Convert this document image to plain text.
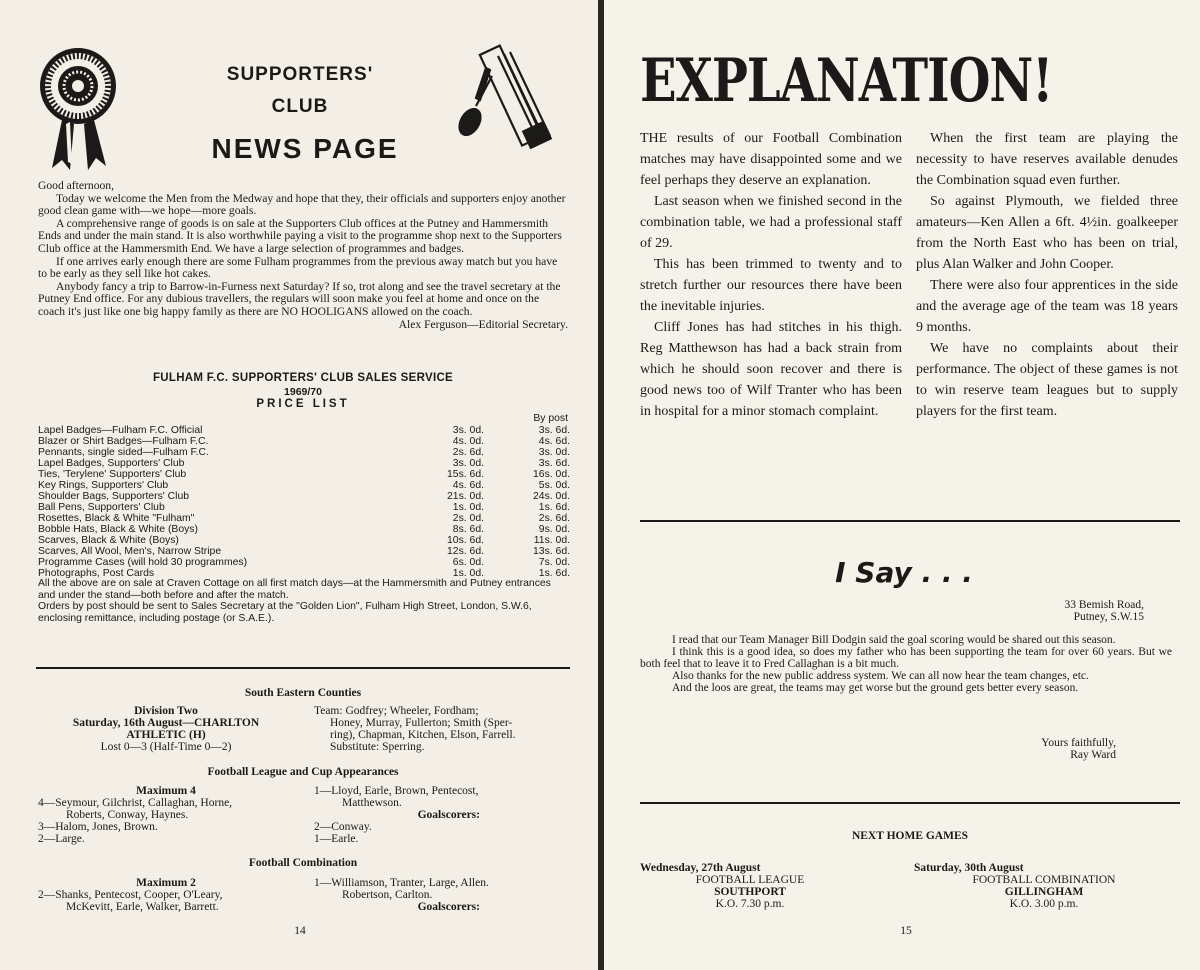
SUPPORTERS'
CLUB
NEWS PAGE
Good afternoon,

Today we welcome the Men from the Medway and hope that they, their officials and supporters enjoy another good clean game with—we hope—more goals.

A comprehensive range of goods is on sale at the Supporters Club offices at the Putney and Hammersmith Ends and under the main stand. It is also worthwhile paying a visit to the programme shop next to the Supporters Club office at the Hammersmith End. We have a large selection of programmes and badges.

If one arrives early enough there are some Fulham programmes from the previous away match but you have to be early as they sell like hot cakes.

Anybody fancy a trip to Barrow-in-Furness next Saturday? If so, trot along and see the travel secretary at the Putney End office. For any dubious travellers, the regulars will soon make you feel at home and once on the coach it's just like one big happy family as there are NO HOOLIGANS allowed on the coach.

Alex Ferguson—Editorial Secretary.
FULHAM F.C. SUPPORTERS' CLUB SALES SERVICE
1969/70
PRICE LIST
By post
Lapel Badges—Fulham F.C. Official	3s. 0d.	3s. 6d.
Blazer or Shirt Badges—Fulham F.C.	4s. 0d.	4s. 6d.
Pennants, single sided—Fulham F.C.	2s. 6d.	3s. 0d.
Lapel Badges, Supporters' Club	3s. 0d.	3s. 6d.
Ties, 'Terylene' Supporters' Club	15s. 6d.	16s. 0d.
Key Rings, Supporters' Club	4s. 6d.	5s. 0d.
Shoulder Bags, Supporters' Club	21s. 0d.	24s. 0d.
Ball Pens, Supporters' Club	1s. 0d.	1s. 6d.
Rosettes, Black & White "Fulham"	2s. 0d.	2s. 6d.
Bobble Hats, Black & White (Boys)	8s. 6d.	9s. 0d.
Scarves, Black & White (Boys)	10s. 6d.	11s. 0d.
Scarves, All Wool, Men's, Narrow Stripe	12s. 6d.	13s. 6d.
Programme Cases (will hold 30 programmes)	6s. 0d.	7s. 0d.
Photographs, Post Cards	1s. 0d.	1s. 6d.
All the above are on sale at Craven Cottage on all first match days—at the Hammersmith and Putney entrances and under the stand—both before and after the match.
Orders by post should be sent to Sales Secretary at the "Golden Lion", Fulham High Street, London, S.W.6, enclosing remittance, including postage (or S.A.E.).
South Eastern Counties
Division Two
Saturday, 16th August—CHARLTON
ATHLETIC (H)
Lost 0—3 (Half-Time 0—2)
Team: Godfrey; Wheeler, Fordham;
Honey, Murray, Fullerton; Smith (Sper-
ring), Chapman, Kitchen, Elson, Farrell.
Substitute: Sperring.
Football League and Cup Appearances
Maximum 4
4—Seymour, Gilchrist, Callaghan, Horne,
Roberts, Conway, Haynes.
3—Halom, Jones, Brown.
2—Large.
1—Lloyd, Earle, Brown, Pentecost,
Matthewson.
Goalscorers:
2—Conway.
1—Earle.
Football Combination
Maximum 2
2—Shanks, Pentecost, Cooper, O'Leary,
McKevitt, Earle, Walker, Barrett.
1—Williamson, Tranter, Large, Allen.
Robertson, Carlton.
Goalscorers:
14
EXPLANATION!

THE results of our Football Combination matches may have disappointed some and we feel perhaps they deserve an explanation.

Last season when we finished second in the combination table, we had a professional staff of 29.

This has been trimmed to twenty and to stretch further our resources there have been the inevitable injuries.

Cliff Jones has had stitches in his thigh. Reg Matthewson has had a back strain from which he should soon recover and there is good news too of Wilf Tranter who has been in hospital for a minor stomach complaint.

When the first team are playing the necessity to have reserves available denudes the Combination squad even further.

So against Plymouth, we fielded three amateurs—Ken Allen a 6ft. 4½in. goalkeeper from the North East who has been on trial, plus Alan Walker and John Cooper.

There were also four apprentices in the side and the average age of the team was 18 years 9 months.

We have no complaints about their performance. The object of these games is not to win reserve team leagues but to supply players for the first team.

I Say . . .
33 Bemish Road,
Putney, S.W.15

I read that our Team Manager Bill Dodgin said the goal scoring would be shared out this season.

I think this is a good idea, so does my father who has been supporting the team for over 60 years. But we both feel that to leave it to Fred Callaghan is a bit much.

Also thanks for the new public address system. We can all now hear the team changes, etc.

And the loos are great, the teams may get worse but the ground gets better every season.

Yours faithfully,
Ray Ward
NEXT HOME GAMES
Wednesday, 27th August
FOOTBALL LEAGUE
SOUTHPORT
K.O. 7.30 p.m.
Saturday, 30th August
FOOTBALL COMBINATION
GILLINGHAM
K.O. 3.00 p.m.
15
